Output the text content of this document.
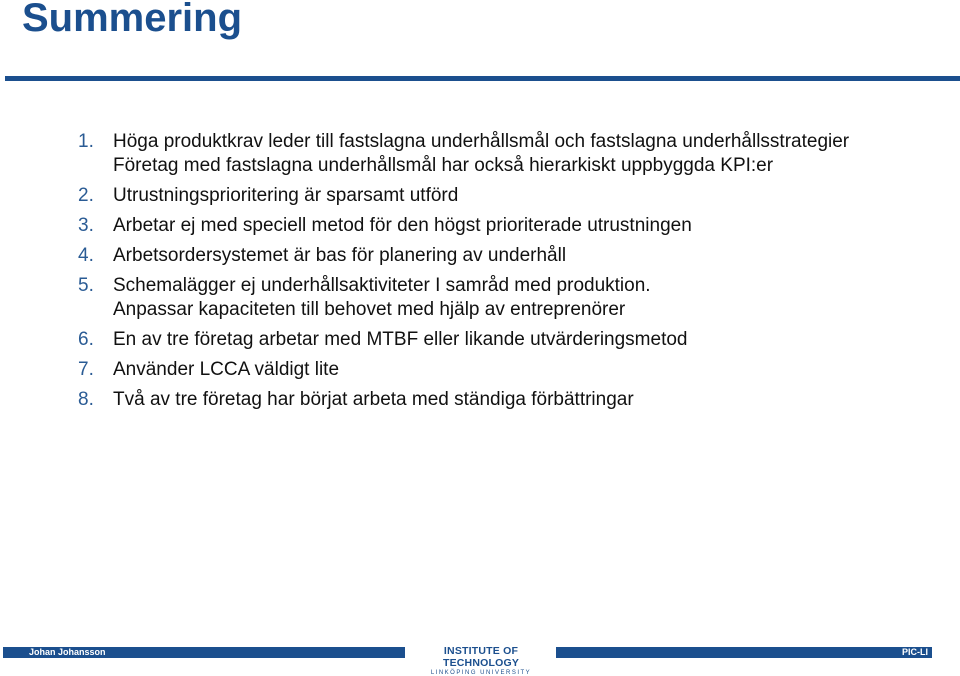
Summering
1. Höga produktkrav leder till fastslagna underhållsmål och fastslagna underhållsstrategier
Företag med fastslagna underhållsmål har också hierarkiskt uppbyggda KPI:er
2. Utrustningsprioritering är sparsamt utförd
3. Arbetar ej med speciell metod för den högst prioriterade utrustningen
4. Arbetsordersystemet är bas för planering av underhåll
5. Schemalägger ej underhållsaktiviteter I samråd med produktion.
Anpassar kapaciteten till behovet med hjälp av entreprenörer
6. En av tre företag arbetar med MTBF eller likande utvärderingsmetod
7. Använder LCCA väldigt lite
8. Två av tre företag har börjat arbeta med ständiga förbättringar
Johan Johansson	INSTITUTE OF TECHNOLOGY
LINKÖPING UNIVERSITY
PIC-LI
